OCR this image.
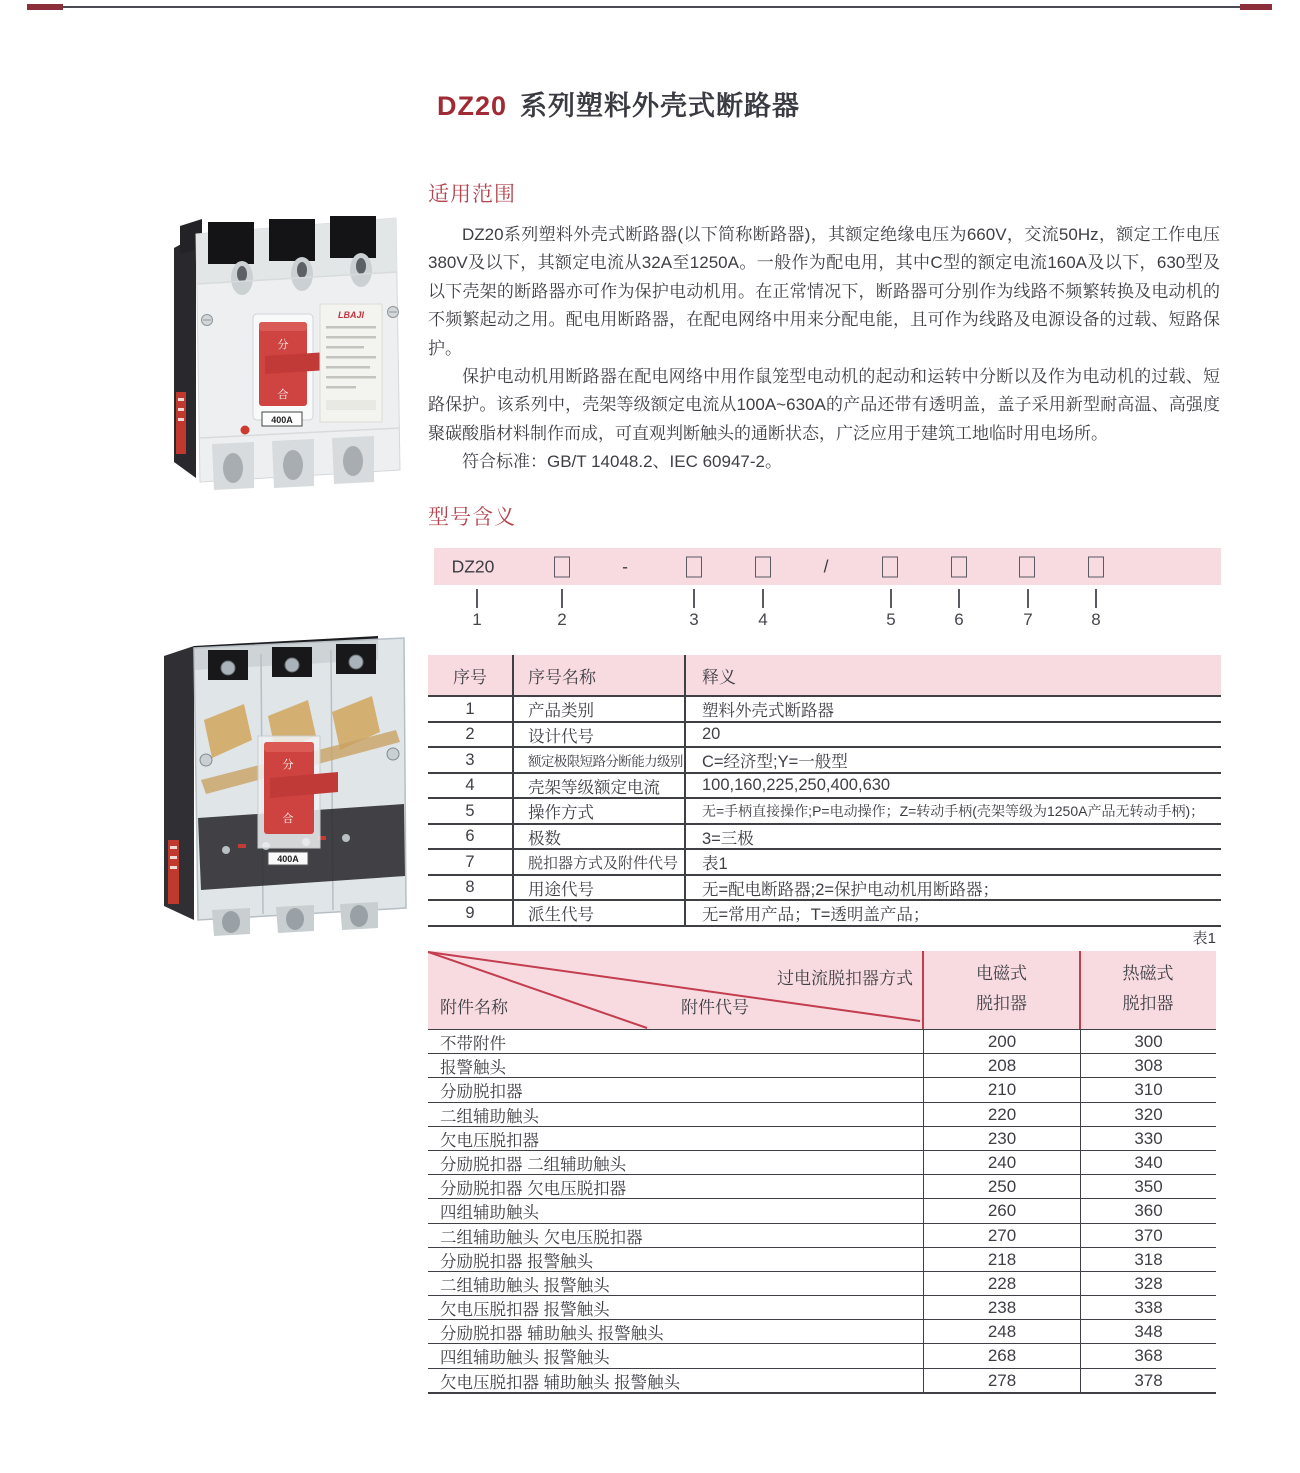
DZ20 系列塑料外壳式断路器
分
合
400A
LBAJI
分
合
400A
适用范围

DZ20系列塑料外壳式断路器(以下简称断路器)，其额定绝缘电压为660V，交流50Hz，额定工作电压380V及以下，其额定电流从32A至1250A。一般作为配电用，其中C型的额定电流160A及以下，630型及以下壳架的断路器亦可作为保护电动机用。在正常情况下，断路器可分别作为线路不频繁转换及电动机的不频繁起动之用。配电用断路器，在配电网络中用来分配电能，且可作为线路及电源设备的过载、短路保护。

保护电动机用断路器在配电网络中用作鼠笼型电动机的起动和运转中分断以及作为电动机的过载、短路保护。该系列中，壳架等级额定电流从100A~630A的产品还带有透明盖，盖子采用新型耐高温、高强度聚碳酸脂材料制作而成，可直观判断触头的通断状态，广泛应用于建筑工地临时用电场所。

符合标准：GB/T 14048.2、IEC 60947-2。

型号含义
DZ20	-	/
1	2	3	4	5	6	7	8
序号	序号名称	释义
1	产品类别	塑料外壳式断路器
2	设计代号	20
3	额定极限短路分断能力级别	C=经济型;Y=一般型
4	壳架等级额定电流	100,160,225,250,400,630
5	操作方式	无=手柄直接操作;P=电动操作；Z=转动手柄(壳架等级为1250A产品无转动手柄)；
6	极数	3=三极
7	脱扣器方式及附件代号	表1
8	用途代号	无=配电断路器;2=保护电动机用断路器；
9	派生代号	无=常用产品；T=透明盖产品；
表1
过电流脱扣器方式
附件名称	附件代号
电磁式
脱扣器
热磁式
脱扣器
不带附件	200	300
报警触头	208	308
分励脱扣器	210	310
二组辅助触头	220	320
欠电压脱扣器	230	330
分励脱扣器 二组辅助触头	240	340
分励脱扣器 欠电压脱扣器	250	350
四组辅助触头	260	360
二组辅助触头 欠电压脱扣器	270	370
分励脱扣器 报警触头	218	318
二组辅助触头 报警触头	228	328
欠电压脱扣器 报警触头	238	338
分励脱扣器 辅助触头 报警触头	248	348
四组辅助触头 报警触头	268	368
欠电压脱扣器 辅助触头 报警触头	278	378
